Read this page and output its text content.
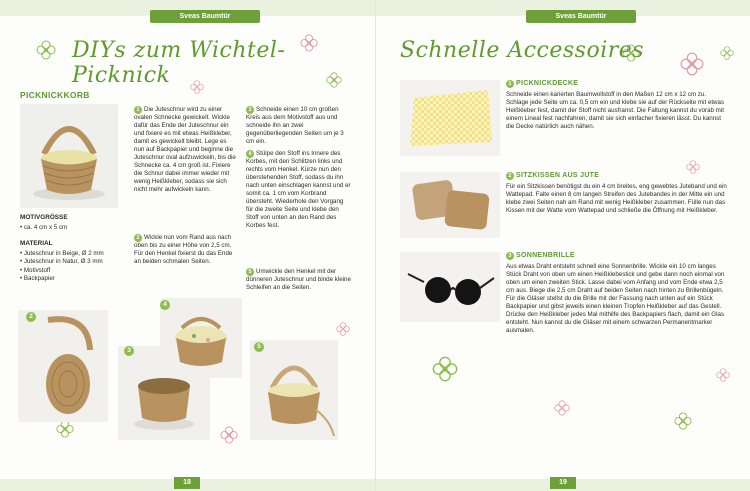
Sveas Baumtür
DIYs zum Wichtel-Picknick
PICKNICKKORB
MOTIVGRÖSSE
• ca. 4 cm x 5 cm
MATERIAL
• Juteschnur in Beige, Ø 2 mm
• Juteschnur in Natur, Ø 3 mm
• Motivstoff
• Backpapier
1 Die Juteschnur wird zu einer ovalen Schnecke gewickelt. Wickle dafür das Ende der Juteschnur ein und fixiere es mit etwas Heißkleber, damit es gewickelt bleibt. Lege es nun auf Backpapier und beginne die Juteschnur oval aufzuwickeln, bis die Schnecke ca. 4 cm groß ist. Fixiere die Schnur dabei immer wieder mit wenig Heißkleber, sodass sie sich nicht mehr aufwickeln kann.
2 Wickle nun vom Rand aus nach oben bis zu einer Höhe von 2,5 cm. Für den Henkel fixierst du das Ende an beiden schmalen Seiten.
3 Schneide einen 10 cm großen Kreis aus dem Motivstoff aus und schneide ihn an zwei gegenüberliegenden Seiten um je 3 cm ein.
4 Stülpe den Stoff ins Innere des Korbes, mit den Schlitzen links und rechts vom Henkel. Kürze nun den überstehenden Stoff, sodass du ihn nach unten einschlagen kannst und er somit ca. 1 cm vom Korbrand übersteht. Wiederhole den Vorgang für die zweite Seite und klebe den Stoff von unten an den Rand des Korbes fest.
5 Umwickle den Henkel mit der dünneren Juteschnur und binde kleine Schleifen an die Seiten.
2
3
4
5
18
Sveas Baumtür
Schnelle Accessoires
1 PICKNICKDECKE
Schneide einen karierten Baumwollstoff in den Maßen 12 cm x 12 cm zu. Schlage jede Seite um ca. 0,5 cm ein und klebe sie auf der Rückseite mit etwas Heißkleber fest, damit der Stoff nicht ausfranst. Die Faltung kannst du vorab mit einem Lineal fest nachfahren, damit sie sich einfacher fixieren lässt. Du kannst die Decke natürlich auch nähen.
2 SITZKISSEN AUS JUTE
Für ein Sitzkissen benötigst du ein 4 cm breites, eng gewebtes Juteband und ein Wattepad. Falte einen 8 cm langen Streifen des Jutebandes in der Mitte ein und klebe zwei Seiten nah am Rand mit wenig Heißkleber zusammen. Fülle nun das Kissen mit der Watte vom Wattepad und schließe die Öffnung mit Heißkleber.
3 SONNENBRILLE
Aus etwas Draht entsteht schnell eine Sonnenbrille. Wickle ein 10 cm langes Stück Draht von oben um einen Heißklebestick und gebe dann noch einmal von oben um einen zweiten Stick. Lasse dabei vom Anfang und vom Ende etwa 2,5 cm aus. Biege die 2,5 cm Draht auf beiden Seiten nach hinten zu Brillenbügeln. Für die Gläser stellst du die Brille mit der Fassung nach unten auf ein Stück Backpapier und gibst jeweils einen kleinen Tropfen Heißkleber auf das Gestell. Drücke den Heißkleber jedes Mal mithilfe des Backpapiers flach, damit ein Glas entsteht. Nun kannst du die Gläser mit einem schwarzen Permanentmarker ausmalen.
19
